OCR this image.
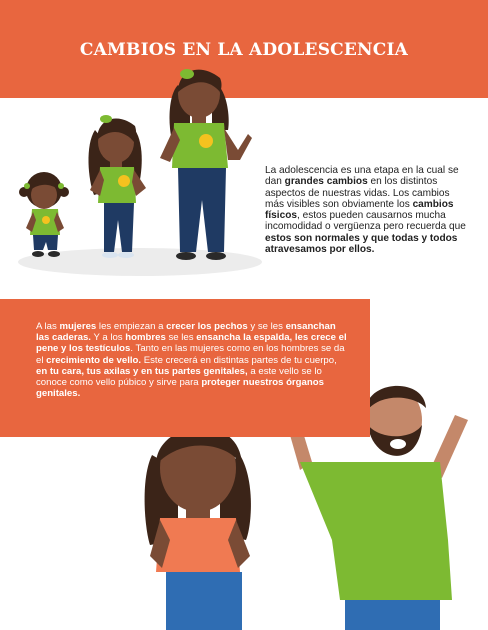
CAMBIOS EN LA ADOLESCENCIA
La adolescencia es una etapa en la cual se dan grandes cambios en los distintos aspectos de nuestras vidas. Los cambios más visibles son obviamente los cambios físicos, estos pueden causarnos mucha incomodidad o vergüenza pero recuerda que estos son normales y que todas y todos atravesamos por ellos.
A las mujeres les empiezan a crecer los pechos y se les ensanchan las caderas. Y a los hombres se les ensancha la espalda, les crece el pene y los testículos. Tanto en las mujeres como en los hombres se da el crecimiento de vello. Este crecerá en distintas partes de tu cuerpo, en tu cara, tus axilas y en tus partes genitales, a este vello se lo conoce como vello púbico y sirve para proteger nuestros órganos genitales.
